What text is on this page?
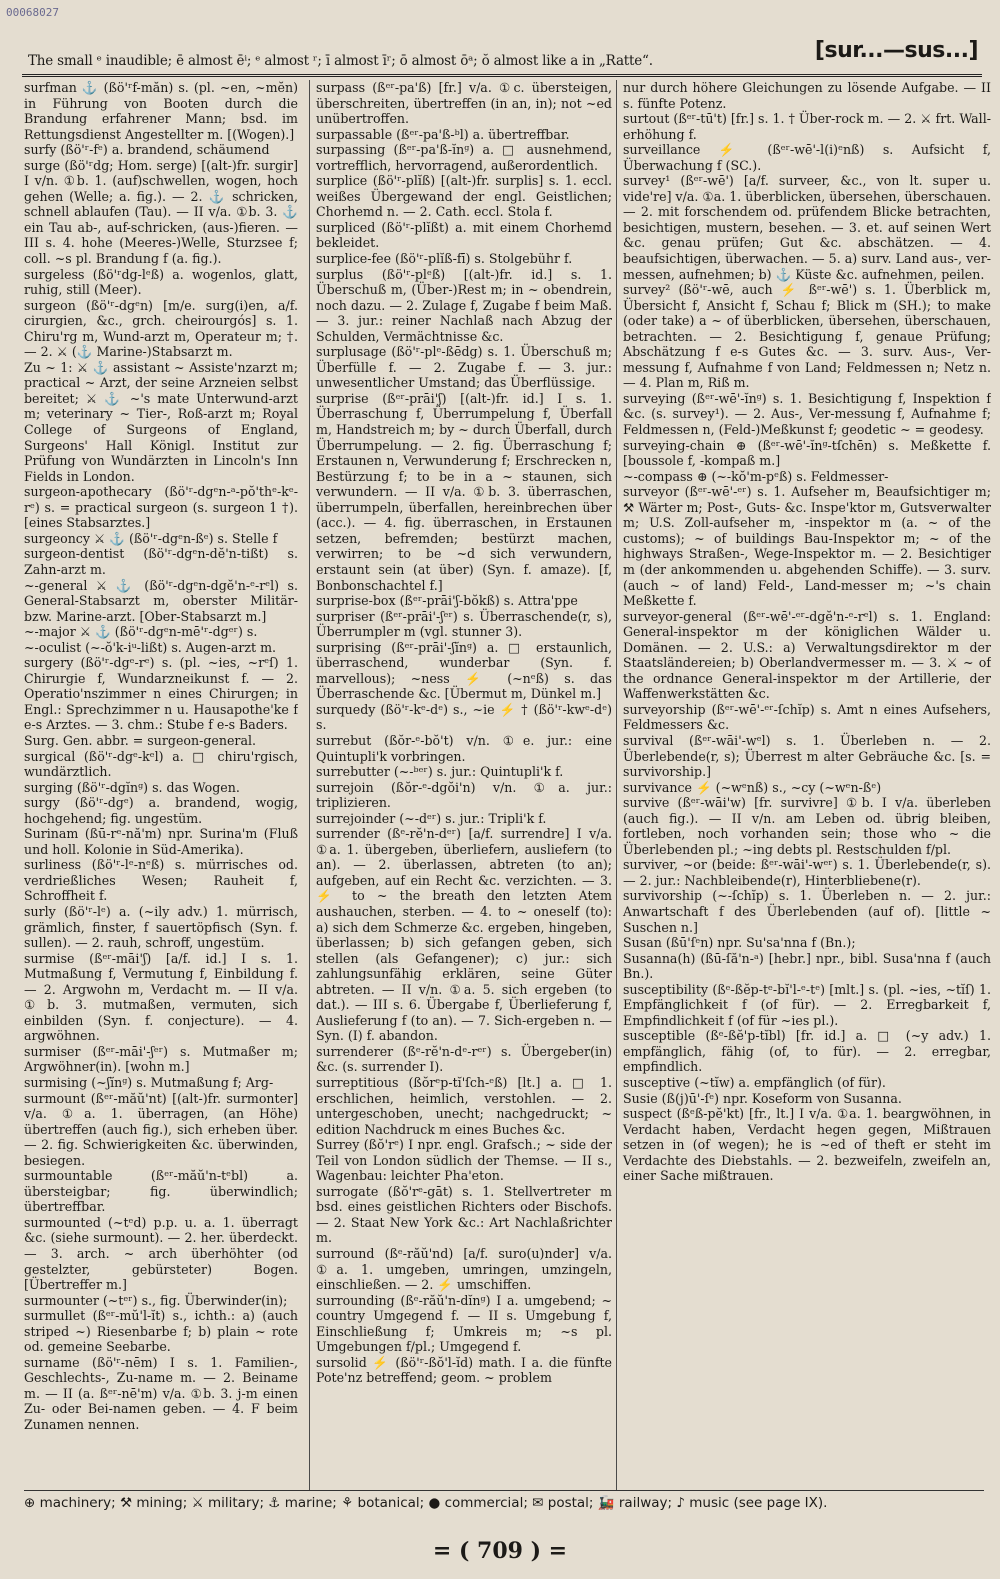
00068027
The small ᵉ inaudible; ē almost ēⁱ; ᵉ almost ʳ; ī almost īʳ; ō almost ōᵃ; ŏ almost like a in „Ratte“.	[sur...—sus...]

surfman ⚓ (ßö'ʳf-măn) s. (pl. ~en, ~mĕn) in Führung von Booten durch die Brandung erfahrener Mann; bsd. im Rettungsdienst Angestellter m. [(Wogen).]

surfy (ßö'ʳ-fᵉ) a. brandend, schäumend

surge (ßö'ʳdg; Hom. serge) [(alt-)fr. surgir] I v/n. ①b. 1. (auf)schwellen, wogen, hoch gehen (Welle; a. fig.). — 2. ⚓ schricken, schnell ablaufen (Tau). — II v/a. ①b. 3. ⚓ ein Tau ab-, auf-schricken, (aus-)fieren. — III s. 4. hohe (Meeres-)Welle, Sturzsee f; coll. ~s pl. Brandung f (a. fig.).

surgeless (ßö'ʳdg-lᵉß) a. wogenlos, glatt, ruhig, still (Meer).

surgeon (ßö'ʳ-dgᵉn) [m/e. surg(i)en, a/f. cirurgien, &c., grch. cheirourgós] s. 1. Chiru'rg m, Wund-arzt m, Operateur m; †. — 2. ⚔ (⚓ Marine-)Stabsarzt m.

Zu ~ 1: ⚔ ⚓ assistant ~ Assiste'nzarzt m; practical ~ Arzt, der seine Arzneien selbst bereitet; ⚔ ⚓ ~'s mate Unterwund-arzt m; veterinary ~ Tier-, Roß-arzt m; Royal College of Surgeons of England, Surgeons' Hall Königl. Institut zur Prüfung von Wundärzten in Lincoln's Inn Fields in London.

surgeon-apothecary (ßö'ʳ-dgᵉn-ᵃ-pŏ'thᵉ-kᵉ-rᵉ) s. = practical surgeon (s. surgeon 1 †). [eines Stabsarztes.]

surgeoncy ⚔ ⚓ (ßö'ʳ-dgᵉn-ßᵉ) s. Stelle f

surgeon-dentist (ßö'ʳ-dgᵉn-dĕ'n-tißt) s. Zahn-arzt m.

~-general ⚔ ⚓ (ßö'ʳ-dgᵉn-dgĕ'n-ᵉ-rᵉl) s. General-Stabsarzt m, oberster Militär- bzw. Marine-arzt. [Ober-Stabsarzt m.]

~-major ⚔ ⚓ (ßö'ʳ-dgᵉn-mē'ʳ-dgᵉʳ) s.

~-oculist (~-ŏ'k-iᵘ-lißt) s. Augen-arzt m.

surgery (ßö'ʳ-dgᵉ-rᵉ) s. (pl. ~ies, ~rᵉſ) 1. Chirurgie f, Wundarzneikunst f. — 2. Operatio'nszimmer n eines Chirurgen; in Engl.: Sprechzimmer n u. Hausapothe'ke f e-s Arztes. — 3. chm.: Stube f e-s Baders.

Surg. Gen. abbr. = surgeon-general.

surgical (ßö'ʳ-dgᵉ-kᵉl) a. □ chiru'rgisch, wundärztlich.

surging (ßö'ʳ-dgĭnᵍ) s. das Wogen.

surgy (ßö'ʳ-dgᵉ) a. brandend, wogig, hochgehend; fig. ungestüm.

Surinam (ßū-rᵉ-nă'm) npr. Surina'm (Fluß und holl. Kolonie in Süd-Amerika).

surliness (ßö'ʳ-lᵉ-nᵉß) s. mürrisches od. verdrießliches Wesen; Rauheit f, Schroffheit f.

surly (ßö'ʳ-lᵉ) a. (~ily adv.) 1. mürrisch, grämlich, finster, f sauertöpfisch (Syn. f. sullen). — 2. rauh, schroff, ungestüm.

surmise (ßᵉʳ-māi'ʃ) [a/f. id.] I s. 1. Mutmaßung f, Vermutung f, Einbildung f. — 2. Argwohn m, Verdacht m. — II v/a. ①b. 3. mutmaßen, vermuten, sich einbilden (Syn. f. conjecture). — 4. argwöhnen.

surmiser (ßᵉʳ-māi'-ʃᵉʳ) s. Mutmaßer m; Argwöhner(in). [wohn m.]

surmising (~ʃĭnᵍ) s. Mutmaßung f; Arg-

surmount (ßᵉʳ-măŭ'nt) [(alt-)fr. surmonter] v/a. ①a. 1. überragen, (an Höhe) übertreffen (auch fig.), sich erheben über. — 2. fig. Schwierigkeiten &c. überwinden, besiegen.

surmountable (ßᵉʳ-măŭ'n-tᵉbl) a. übersteigbar; fig. überwindlich; übertreffbar.

surmounted (~tᵉd) p.p. u. a. 1. überragt &c. (siehe surmount). — 2. her. überdeckt. — 3. arch. ~ arch überhöhter (od gestelzter, gebürsteter) Bogen. [Übertreffer m.]

surmounter (~tᵉʳ) s., fig. Überwinder(in);

surmullet (ßᵉʳ-mŭ'l-ĭt) s., ichth.: a) (auch striped ~) Riesenbarbe f; b) plain ~ rote od. gemeine Seebarbe.

surname (ßö'ʳ-nēm) I s. 1. Familien-, Geschlechts-, Zu-name m. — 2. Beiname m. — II (a. ßᵉʳ-nē'm) v/a. ①b. 3. j-m einen Zu- oder Bei-namen geben. — 4. F beim Zunamen nennen.

surpass (ßᵉʳ-pa'ß) [fr.] v/a. ①c. übersteigen, überschreiten, übertreffen (in an, in); not ~ed unübertroffen.

surpassable (ßᵉʳ-pa'ß-ᵇl) a. übertreffbar.

surpassing (ßᵉʳ-pa'ß-ĭnᵍ) a. □ ausnehmend, vortrefflich, hervorragend, außerordentlich.

surplice (ßö'ʳ-plĭß) [(alt-)fr. surplis] s. 1. eccl. weißes Übergewand der engl. Geistlichen; Chorhemd n. — 2. Cath. eccl. Stola f.

surpliced (ßö'ʳ-plĭßt) a. mit einem Chorhemd bekleidet.

surplice-fee (ßö'ʳ-plĭß-fī) s. Stolgebühr f.

surplus (ßö'ʳ-plᵉß) [(alt-)fr. id.] s. 1. Überschuß m, (Über-)Rest m; in ~ obendrein, noch dazu. — 2. Zulage f, Zugabe f beim Maß. — 3. jur.: reiner Nachlaß nach Abzug der Schulden, Vermächtnisse &c.

surplusage (ßö'ʳ-plᵉ-ßēdg) s. 1. Überschuß m; Überfülle f. — 2. Zugabe f. — 3. jur.: unwesentlicher Umstand; das Überflüssige.

surprise (ßᵉʳ-prāi'ʃ) [(alt-)fr. id.] I s. 1. Überraschung f, Überrumpelung f, Überfall m, Handstreich m; by ~ durch Überfall, durch Überrumpelung. — 2. fig. Überraschung f; Erstaunen n, Verwunderung f; Erschrecken n, Bestürzung f; to be in a ~ staunen, sich verwundern. — II v/a. ①b. 3. überraschen, überrumpeln, überfallen, hereinbrechen über (acc.). — 4. fig. überraschen, in Erstaunen setzen, befremden; bestürzt machen, verwirren; to be ~d sich verwundern, erstaunt sein (at über) (Syn. f. amaze). [f, Bonbonschachtel f.]

surprise-box (ßᵉʳ-prāi'ʃ-bŏkß) s. Attra'ppe

surpriser (ßᵉʳ-prāi'-ʃᵉʳ) s. Überraschende(r, s), Überrumpler m (vgl. stunner 3).

surprising (ßᵉʳ-prāi'-ʃĭnᵍ) a. □ erstaunlich, überraschend, wunderbar (Syn. f. marvellous); ~ness ⚡ (~nᵉß) s. das Überraschende &c. [Übermut m, Dünkel m.]

surquedy (ßö'ʳ-kᵉ-dᵉ) s., ~ie ⚡ † (ßö'ʳ-kwᵉ-dᵉ) s.

surrebut (ßŏr-ᵉ-bŏ't) v/n. ①e. jur.: eine Quintupli'k vorbringen.

surrebutter (~-ᵇᵉʳ) s. jur.: Quintupli'k f.

surrejoin (ßŏr-ᵉ-dgŏi'n) v/n. ①a. jur.: triplizieren.

surrejoinder (~-dᵉʳ) s. jur.: Tripli'k f.

surrender (ßᵉ-rĕ'n-dᵉʳ) [a/f. surrendre] I v/a. ①a. 1. übergeben, überliefern, ausliefern (to an). — 2. überlassen, abtreten (to an); aufgeben, auf ein Recht &c. verzichten. — 3. ⚡ to ~ the breath den letzten Atem aushauchen, sterben. — 4. to ~ oneself (to): a) sich dem Schmerze &c. ergeben, hingeben, überlassen; b) sich gefangen geben, sich stellen (als Gefangener); c) jur.: sich zahlungsunfähig erklären, seine Güter abtreten. — II v/n. ①a. 5. sich ergeben (to dat.). — III s. 6. Übergabe f, Überlieferung f, Auslieferung f (to an). — 7. Sich-ergeben n. — Syn. (I) f. abandon.

surrenderer (ßᵉ-rĕ'n-dᵉ-rᵉʳ) s. Übergeber(in) &c. (s. surrender I).

surreptitious (ßŏrᵉp-tĭ'ſch-ᵉß) [lt.] a. □ 1. erschlichen, heimlich, verstohlen. — 2. untergeschoben, unecht; nachgedruckt; ~ edition Nachdruck m eines Buches &c.

Surrey (ßŏ'rᵉ) I npr. engl. Grafsch.; ~ side der Teil von London südlich der Themse. — II s., Wagenbau: leichter Pha'eton.

surrogate (ßŏ'rᵉ-gāt) s. 1. Stellvertreter m bsd. eines geistlichen Richters oder Bischofs. — 2. Staat New York &c.: Art Nachlaßrichter m.

surround (ßᵉ-răŭ'nd) [a/f. suro(u)nder] v/a. ①a. 1. umgeben, umringen, umzingeln, einschließen. — 2. ⚡ umschiffen.

surrounding (ßᵉ-răŭ'n-dĭnᵍ) I a. umgebend; ~ country Umgegend f. — II s. Umgebung f, Einschließung f; Umkreis m; ~s pl. Umgebungen f/pl.; Umgegend f.

sursolid ⚡ (ßö'ʳ-ßŏ'l-ĭd) math. I a. die fünfte Pote'nz betreffend; geom. ~ problem

nur durch höhere Gleichungen zu lösende Aufgabe. — II s. fünfte Potenz.

surtout (ßᵉʳ-tū't) [fr.] s. 1. † Über-rock m. — 2. ⚔ frt. Wall-erhöhung f.

surveillance ⚡ (ßᵉʳ-wē'-l(i)ᵉnß) s. Aufsicht f, Überwachung f (SC.).

survey¹ (ßᵉʳ-wē') [a/f. surveer, &c., von lt. super u. vide're] v/a. ①a. 1. überblicken, übersehen, überschauen. — 2. mit forschendem od. prüfendem Blicke betrachten, besichtigen, mustern, besehen. — 3. et. auf seinen Wert &c. genau prüfen; Gut &c. abschätzen. — 4. beaufsichtigen, überwachen. — 5. a) surv. Land aus-, ver-messen, aufnehmen; b) ⚓ Küste &c. aufnehmen, peilen.

survey² (ßö'ʳ-wē, auch ⚡ ßᵉʳ-wē') s. 1. Überblick m, Übersicht f, Ansicht f, Schau f; Blick m (SH.); to make (oder take) a ~ of überblicken, übersehen, überschauen, betrachten. — 2. Besichtigung f, genaue Prüfung; Abschätzung f e-s Gutes &c. — 3. surv. Aus-, Ver-messung f, Aufnahme f von Land; Feldmessen n; Netz n. — 4. Plan m, Riß m.

surveying (ßᵉʳ-wē'-ĭnᵍ) s. 1. Besichtigung f, Inspektion f &c. (s. survey¹). — 2. Aus-, Ver-messung f, Aufnahme f; Feldmessen n, (Feld-)Meßkunst f; geodetic ~ = geodesy.

surveying-chain ⊕ (ßᵉʳ-wē'-ĭnᵍ-tſchēn) s. Meßkette f. [boussole f, -kompaß m.]

~-compass ⊕ (~-kŏ'm-pᵉß) s. Feldmesser-

surveyor (ßᵉʳ-wē'-ᵉʳ) s. 1. Aufseher m, Beaufsichtiger m; ⚒ Wärter m; Post-, Guts- &c. Inspe'ktor m, Gutsverwalter m; U.S. Zoll-aufseher m, -inspektor m (a. ~ of the customs); ~ of buildings Bau-Inspektor m; ~ of the highways Straßen-, Wege-Inspektor m. — 2. Besichtiger m (der ankommenden u. abgehenden Schiffe). — 3. surv. (auch ~ of land) Feld-, Land-messer m; ~'s chain Meßkette f.

surveyor-general (ßᵉʳ-wē'-ᵉʳ-dgĕ'n-ᵉ-rᵉl) s. 1. England: General-inspektor m der königlichen Wälder u. Domänen. — 2. U.S.: a) Verwaltungsdirektor m der Staatsländereien; b) Oberlandvermesser m. — 3. ⚔ ~ of the ordnance General-inspektor m der Artillerie, der Waffenwerkstätten &c.

surveyorship (ßᵉʳ-wē'-ᵉʳ-ſchĭp) s. Amt n eines Aufsehers, Feldmessers &c.

survival (ßᵉʳ-wāi'-wᵉl) s. 1. Überleben n. — 2. Überlebende(r, s); Überrest m alter Gebräuche &c. [s. = survivorship.]

survivance ⚡ (~wᵉnß) s., ~cy (~wᵉn-ßᵉ)

survive (ßᵉʳ-wāi'w) [fr. survivre] ①b. I v/a. überleben (auch fig.). — II v/n. am Leben od. übrig bleiben, fortleben, noch vorhanden sein; those who ~ die Überlebenden pl.; ~ing debts pl. Restschulden f/pl.

surviver, ~or (beide: ßᵉʳ-wāi'-wᵉʳ) s. 1. Überlebende(r, s). — 2. jur.: Nachbleibende(r), Hinterbliebene(r).

survivorship (~-ſchĭp) s. 1. Überleben n. — 2. jur.: Anwartschaft f des Überlebenden (auf of). [little ~ Suschen n.]

Susan (ßū'ſᵉn) npr. Su'sa'nna f (Bn.);

Susanna(h) (ßū-ſă'n-ᵃ) [hebr.] npr., bibl. Susa'nna f (auch Bn.).

susceptibility (ßᵉ-ßĕp-tᵉ-bĭ'l-ᵉ-tᵉ) [mlt.] s. (pl. ~ies, ~tĭſ) 1. Empfänglichkeit f (of für). — 2. Erregbarkeit f, Empfindlichkeit f (of für ~ies pl.).

susceptible (ßᵉ-ßĕ'p-tĭbl) [fr. id.] a. □ (~y adv.) 1. empfänglich, fähig (of, to für). — 2. erregbar, empfindlich.

susceptive (~tĭw) a. empfänglich (of für).

Susie (ß(j)ū'-ſᵉ) npr. Koseform von Susanna.

suspect (ßᵉß-pĕ'kt) [fr., lt.] I v/a. ①a. 1. beargwöhnen, in Verdacht haben, Verdacht hegen gegen, Mißtrauen setzen in (of wegen); he is ~ed of theft er steht im Verdachte des Diebstahls. — 2. bezweifeln, zweifeln an, einer Sache mißtrauen.

⊕ machinery; ⚒ mining; ⚔ military; ⚓ marine; ⚘ botanical; ● commercial; ✉ postal; 🚂 railway; ♪ music (see page IX).
= ( 709 ) =
